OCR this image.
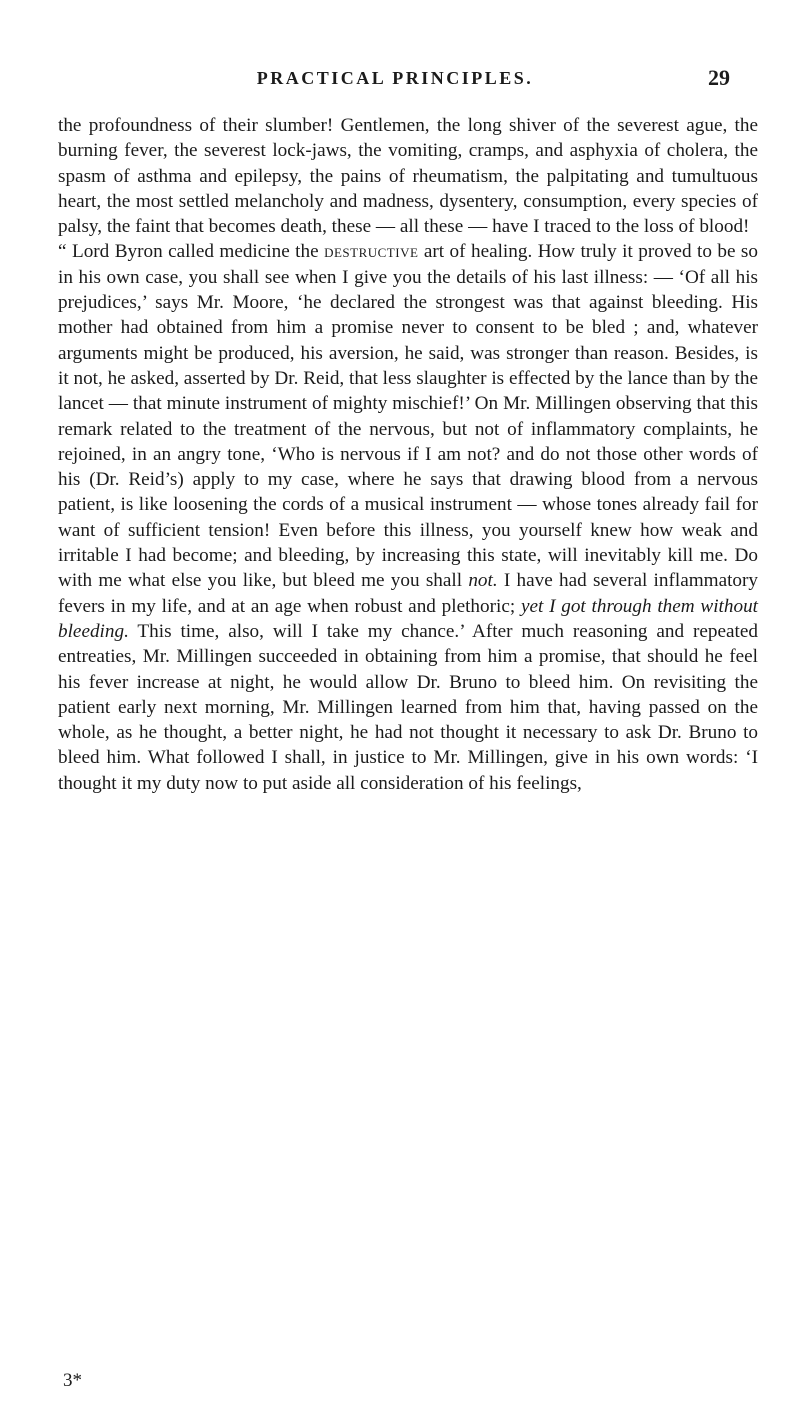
PRACTICAL PRINCIPLES.	29

the profoundness of their slumber! Gentlemen, the long shiver of the severest ague, the burning fever, the severest lock-jaws, the vomiting, cramps, and asphyxia of cholera, the spasm of asthma and epilepsy, the pains of rheumatism, the palpitating and tumultuous heart, the most settled melancholy and madness, dysentery, consumption, every species of palsy, the faint that becomes death, these — all these — have I traced to the loss of blood!

“ Lord Byron called medicine the destructive art of healing. How truly it proved to be so in his own case, you shall see when I give you the details of his last illness: — ‘Of all his prejudices,’ says Mr. Moore, ‘he declared the strongest was that against bleeding. His mother had obtained from him a promise never to consent to be bled ; and, whatever arguments might be produced, his aversion, he said, was stronger than reason. Besides, is it not, he asked, asserted by Dr. Reid, that less slaughter is effected by the lance than by the lancet — that minute instrument of mighty mischief!’ On Mr. Millingen observing that this remark related to the treatment of the nervous, but not of inflammatory complaints, he rejoined, in an angry tone, ‘Who is nervous if I am not? and do not those other words of his (Dr. Reid’s) apply to my case, where he says that drawing blood from a nervous patient, is like loosening the cords of a musical instrument — whose tones already fail for want of sufficient tension! Even before this illness, you yourself knew how weak and irritable I had become; and bleeding, by increasing this state, will inevitably kill me. Do with me what else you like, but bleed me you shall not. I have had several inflammatory fevers in my life, and at an age when robust and plethoric; yet I got through them without bleeding. This time, also, will I take my chance.’ After much reasoning and repeated entreaties, Mr. Millingen succeeded in obtaining from him a promise, that should he feel his fever increase at night, he would allow Dr. Bruno to bleed him. On revisiting the patient early next morning, Mr. Millingen learned from him that, having passed on the whole, as he thought, a better night, he had not thought it necessary to ask Dr. Bruno to bleed him. What followed I shall, in justice to Mr. Millingen, give in his own words: ‘I thought it my duty now to put aside all consideration of his feelings,

3*
